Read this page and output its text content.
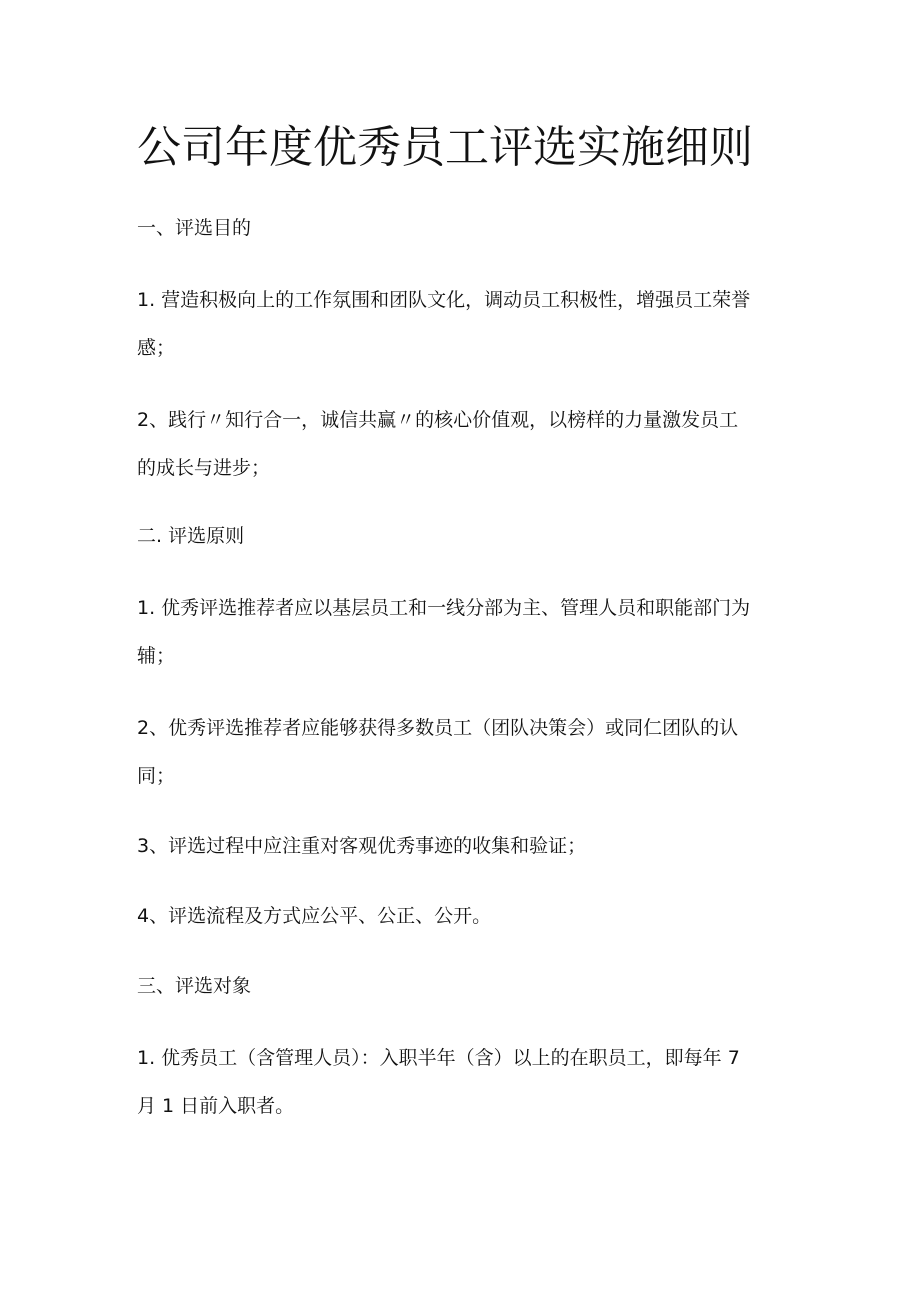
公司年度优秀员工评选实施细则

一、评选目的

1. 营造积极向上的工作氛围和团队文化，调动员工积极性，增强员工荣誉

感；

2、践行〃知行合一，诚信共赢〃的核心价值观，以榜样的力量激发员工

的成长与进步；

二. 评选原则

1. 优秀评选推荐者应以基层员工和一线分部为主、管理人员和职能部门为

辅；

2、优秀评选推荐者应能够获得多数员工（团队决策会）或同仁团队的认

同；

3、评选过程中应注重对客观优秀事迹的收集和验证；

4、评选流程及方式应公平、公正、公开。

三、评选对象

1. 优秀员工（含管理人员）：入职半年（含）以上的在职员工，即每年 7

月 1 日前入职者。
